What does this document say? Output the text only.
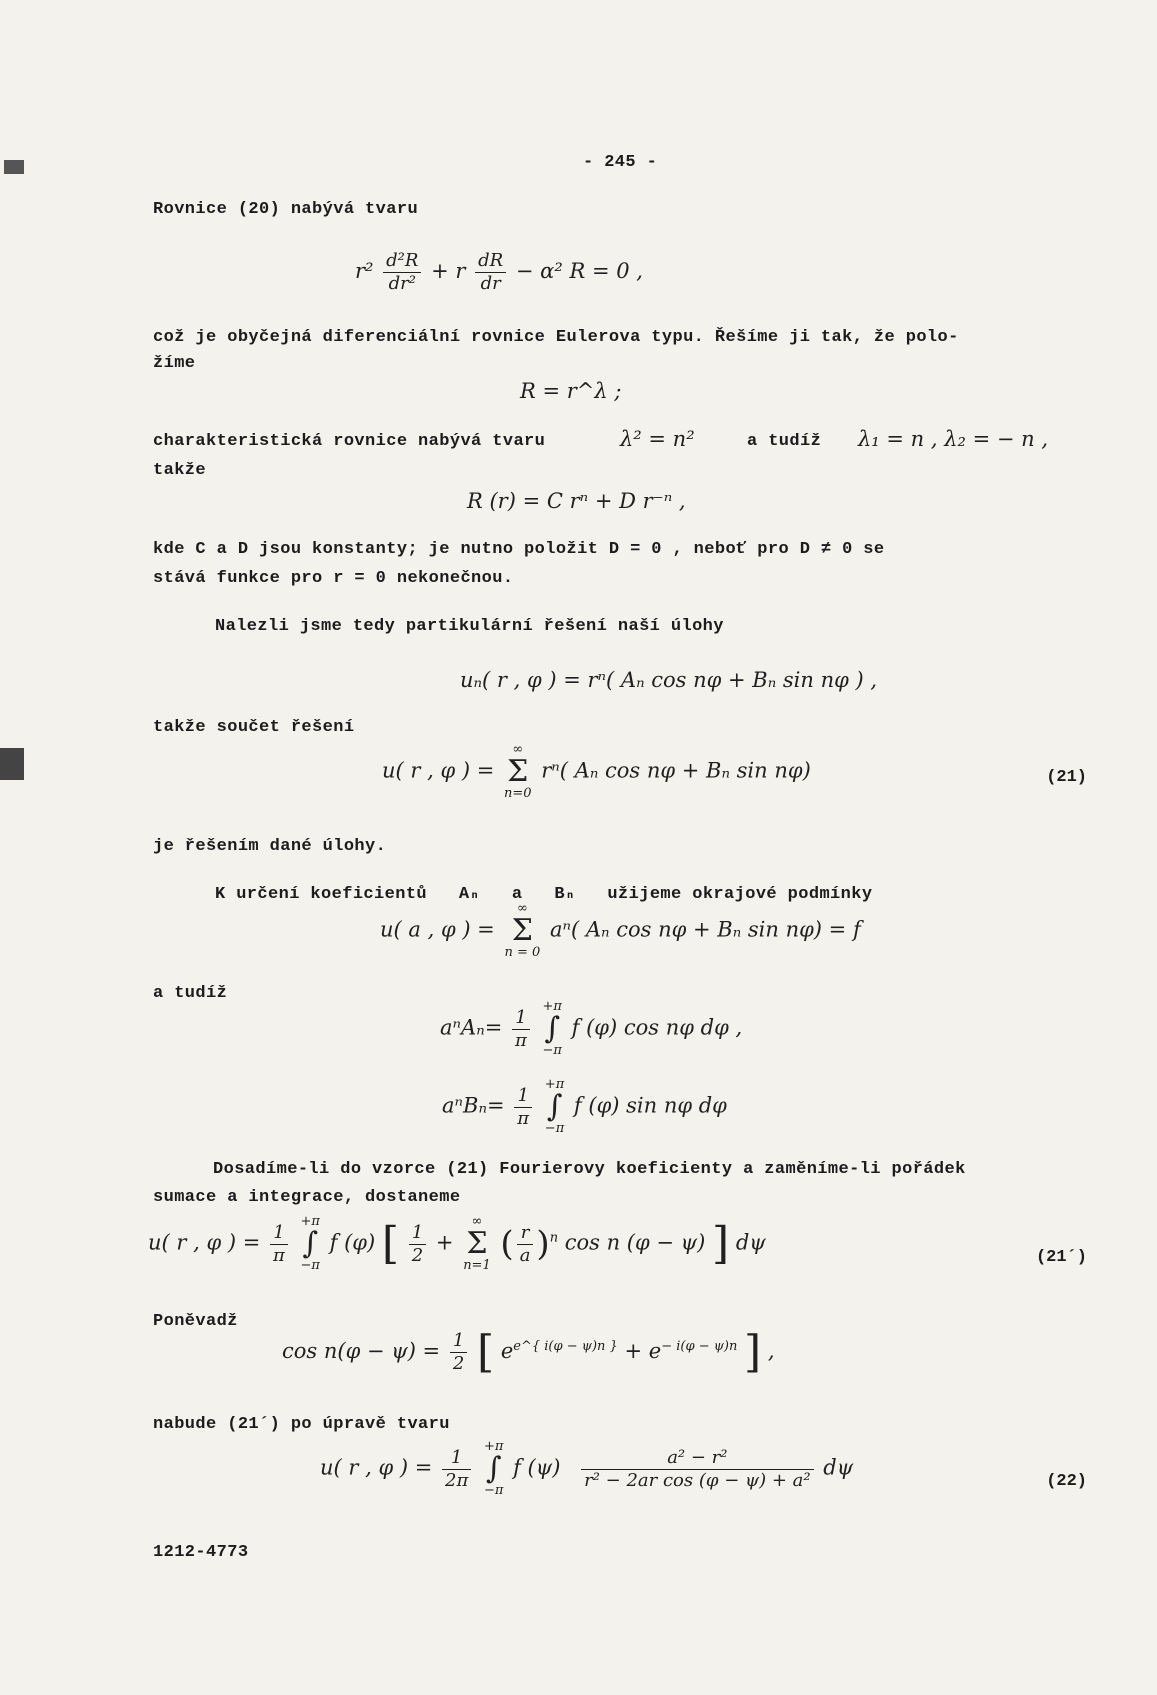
- 245 -
Rovnice (20) nabývá tvaru
$r^2 \frac{\text{d²R}}{\text{dr²}} + r \frac{dR}{dr} - \alpha^2$ R = 0 ,
což je obyčejná diferenciální rovnice Eulerova typu. Řešíme ji tak, že polo-
žíme
R = r^λ ;
charakteristická rovnice nabývá tvaru	λ² = n²	a tudíž λ₁ = n , λ₂ = − n ,
takže
R (r) = C rⁿ + D r⁻ⁿ ,
kde C a D jsou konstanty; je nutno položit D = 0 , neboť pro D ≠ 0 se
stává funkce pro r = 0 nekonečnou.
Nalezli jsme tedy partikulární řešení naší úlohy
uₙ( r , φ ) = rⁿ( Aₙ cos nφ + Bₙ sin nφ ) ,
takže součet řešení
u( r , φ ) =
∞
Σ
n=0
rⁿ( Aₙ cos nφ + Bₙ sin nφ)	(21)
je řešením dané úlohy.
K určení koeficientů Aₙ a Bₙ užijeme okrajové podmínky
u( a , φ ) =
∞
Σ
n = 0
aⁿ( Aₙ cos nφ + Bₙ sin nφ) = f
a tudíž
$a^nA_n= \frac{1}{\pi}$
+π
∫
−π
f (φ) cos nφ dφ ,
$a^nB_n= \frac{1}{\pi}$
+π
∫
−π
f (φ) sin nφ dφ
Dosadíme-li do vzorce (21) Fourierovy koeficienty a zaměníme-li pořádek
sumace a integrace, dostaneme
u( r , φ ) = $\frac{1}{\pi}$
+π
∫
−π
f (φ) [ $\frac{1}{2}$ +
∞
Σ
n=1
( $\frac{r}{a} )^n$ cos n (φ − ψ) ] dψ
(21´)
Poněvadž
$\cos n(\varphi - \psi) = \frac{1}{2}$ [ $e^{e\^{}\{ i(\varphi - \psi)n \}} + e^{- i(\varphi - \psi)n}$ ] ,
nabude (21´) po úpravě tvaru
u( r , φ ) = $\frac{1}{2\pi}$
+π
∫
−π
f $(\psi) \frac{\text{a² − r²}}{\text{r² − 2ar cos (φ − ψ) + a²}}$ dψ
(22)
1212-4773
